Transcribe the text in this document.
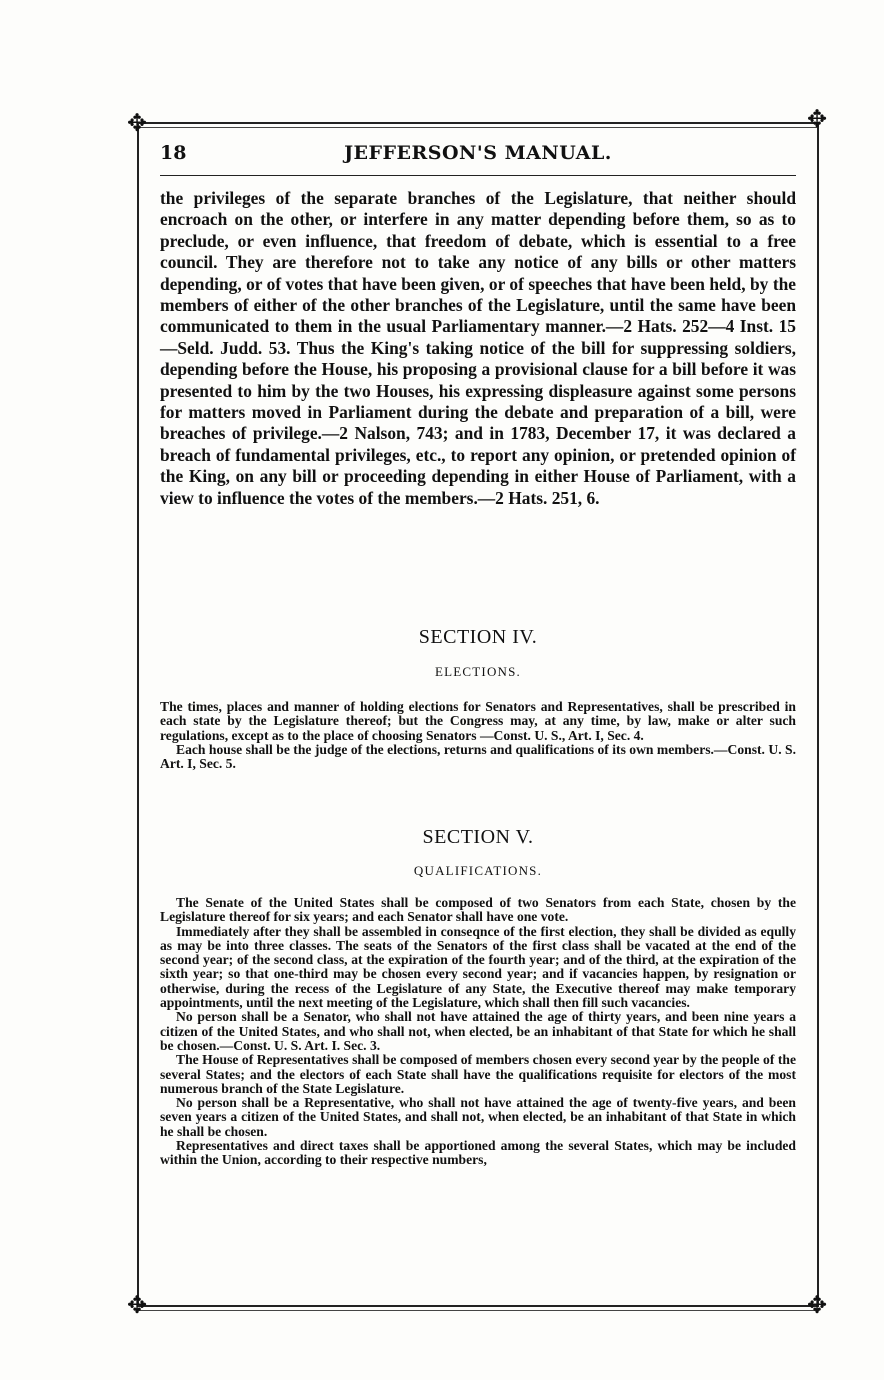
✥	✥
✥	✥
18	JEFFERSON'S MANUAL.
the privileges of the separate branches of the Legislature, that neither should encroach on the other, or interfere in any matter depending before them, so as to preclude, or even influence, that freedom of debate, which is essential to a free council. They are therefore not to take any notice of any bills or other matters depending, or of votes that have been given, or of speeches that have been held, by the members of either of the other branches of the Legislature, until the same have been communicated to them in the usual Parliamentary manner.—2 Hats. 252—4 Inst. 15—Seld. Judd. 53. Thus the King's taking notice of the bill for suppressing soldiers, depending before the House, his proposing a provisional clause for a bill before it was presented to him by the two Houses, his expressing displeasure against some persons for matters moved in Parliament during the debate and preparation of a bill, were breaches of privilege.—2 Nalson, 743; and in 1783, December 17, it was declared a breach of fundamental privileges, etc., to report any opinion, or pretended opinion of the King, on any bill or proceeding depending in either House of Parliament, with a view to influence the votes of the members.—2 Hats. 251, 6.
SECTION IV.
ELECTIONS.

The times, places and manner of holding elections for Senators and Representatives, shall be prescribed in each state by the Legislature thereof; but the Congress may, at any time, by law, make or alter such regulations, except as to the place of choosing Senators —Const. U. S., Art. I, Sec. 4.

Each house shall be the judge of the elections, returns and qualifications of its own members.—Const. U. S. Art. I, Sec. 5.

SECTION V.
QUALIFICATIONS.

The Senate of the United States shall be composed of two Senators from each State, chosen by the Legislature thereof for six years; and each Senator shall have one vote.

Immediately after they shall be assembled in conseqnce of the first election, they shall be divided as eqully as may be into three classes. The seats of the Senators of the first class shall be vacated at the end of the second year; of the second class, at the expiration of the fourth year; and of the third, at the expiration of the sixth year; so that one-third may be chosen every second year; and if vacancies happen, by resignation or otherwise, during the recess of the Legislature of any State, the Executive thereof may make temporary appointments, until the next meeting of the Legislature, which shall then fill such vacancies.

No person shall be a Senator, who shall not have attained the age of thirty years, and been nine years a citizen of the United States, and who shall not, when elected, be an inhabitant of that State for which he shall be chosen.—Const. U. S. Art. I. Sec. 3.

The House of Representatives shall be composed of members chosen every second year by the people of the several States; and the electors of each State shall have the qualifications requisite for electors of the most numerous branch of the State Legislature.

No person shall be a Representative, who shall not have attained the age of twenty-five years, and been seven years a citizen of the United States, and shall not, when elected, be an inhabitant of that State in which he shall be chosen.

Representatives and direct taxes shall be apportioned among the several States, which may be included within the Union, according to their respective numbers,
